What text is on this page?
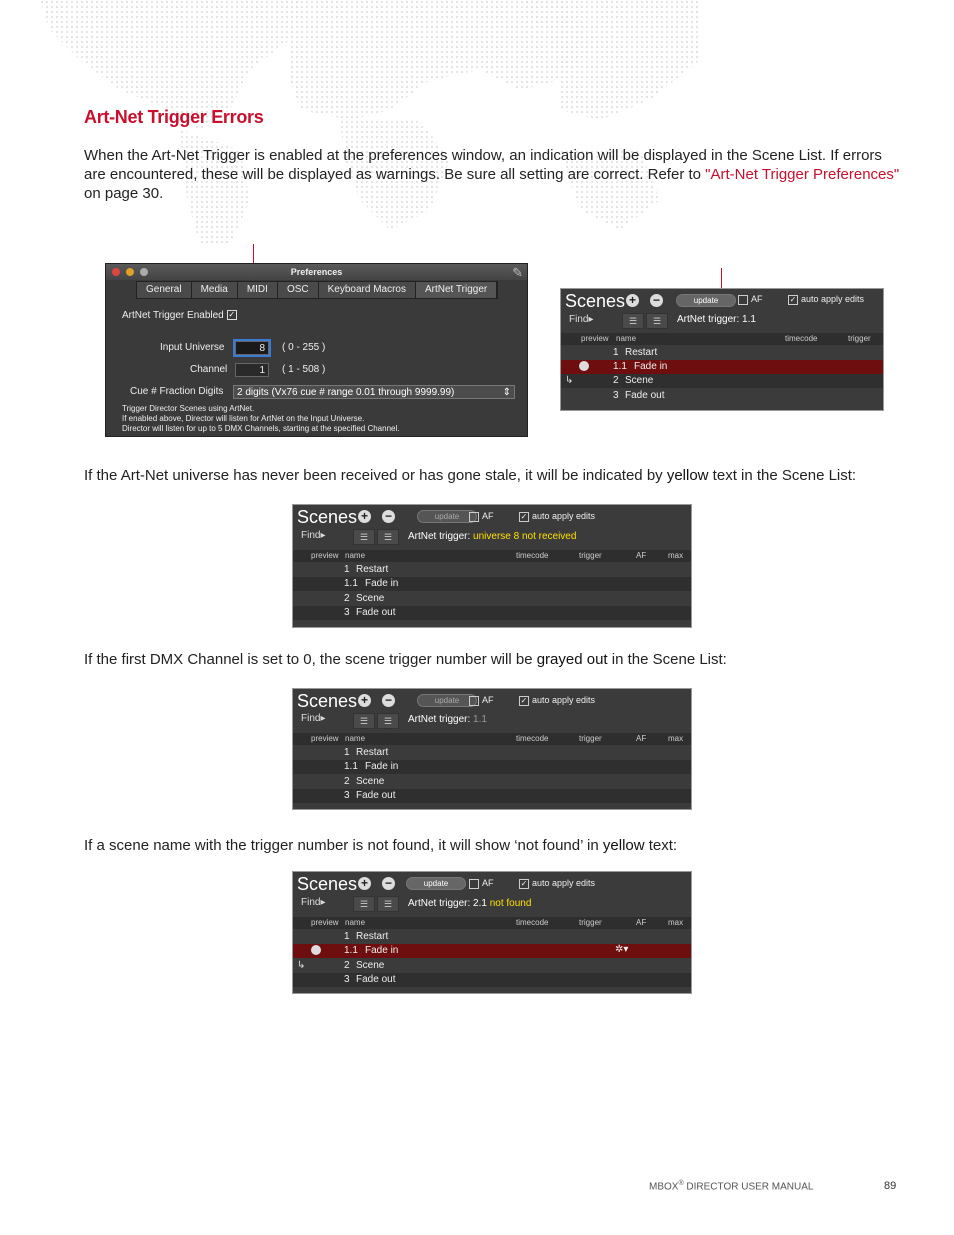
Art-Net Trigger Errors
When the Art-Net Trigger is enabled at the preferences window, an indication will be displayed in the Scene List. If errors are encountered, these will be displayed as warnings. Be sure all setting are correct. Refer to "Art-Net Trigger Preferences" on page 30.
Preferences	✎
General	Media	MIDI	OSC	Keyboard Macros	ArtNet Trigger
ArtNet Trigger Enabled ✓
Input Universe	8	( 0 - 255 )
Channel	1	( 1 - 508 )
Cue # Fraction Digits	2 digits (Vx76 cue # range 0.01 through 9999.99)	⇕
Trigger Director Scenes using ArtNet.
If enabled above, Director will listen for ArtNet on the Input Universe.
Director will listen for up to 5 DMX Channels, starting at the specified Channel.
Scenes + −	update	AF	✓ auto apply edits
Find▸	☰	☰	ArtNet trigger: 1.1
preview name	timecode	trigger
1 Restart
1.1 Fade in
↳	2 Scene
3 Fade out
If the Art-Net universe has never been received or has gone stale, it will be indicated by yellow text in the Scene List:
Scenes + −	update	AF	✓ auto apply edits
Find▸	☰	☰	ArtNet trigger: universe 8 not received
preview name	timecode	trigger	AF	max
1 Restart
1.1 Fade in
2 Scene
3 Fade out
If the first DMX Channel is set to 0, the scene trigger number will be grayed out in the Scene List:
Scenes + −	update	AF	✓ auto apply edits
Find▸	☰	☰	ArtNet trigger: 1.1
preview name	timecode	trigger	AF	max
1 Restart
1.1 Fade in
2 Scene
3 Fade out
If a scene name with the trigger number is not found, it will show ‘not found’ in yellow text:
Scenes + −	update	AF	✓ auto apply edits
Find▸	☰	☰	ArtNet trigger: 2.1 not found
preview name	timecode	trigger	AF	max
1 Restart
1.1 Fade in	✲▾
↳	2 Scene
3 Fade out
MBOX® DIRECTOR USER MANUAL	89
